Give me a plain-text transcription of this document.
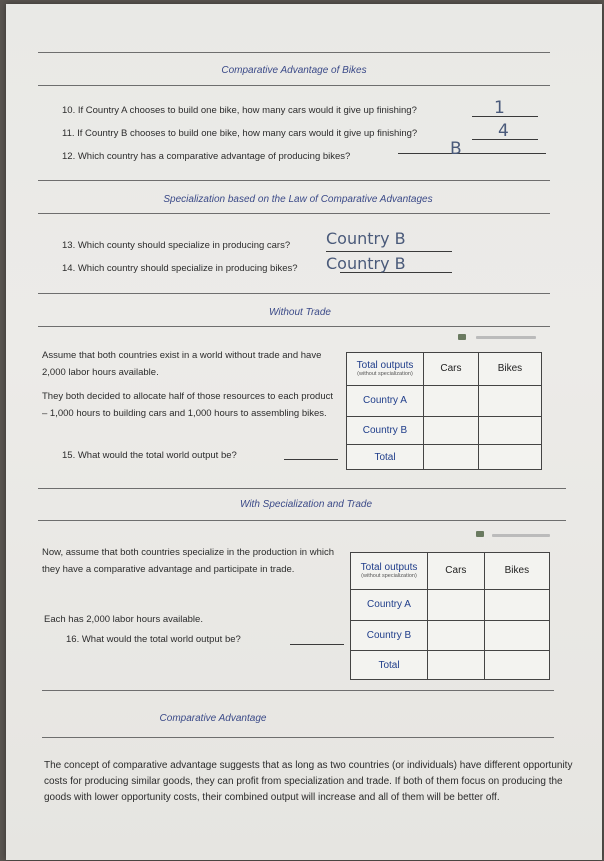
Comparative Advantage of Bikes
10. If Country A chooses to build one bike, how many cars would it give up finishing?	1
11. If Country B chooses to build one bike, how many cars would it give up finishing?	4
12. Which country has a comparative advantage of producing bikes?	B
Specialization based on the Law of Comparative Advantages
13. Which county should specialize in producing cars? Country B
14. Which country should specialize in producing bikes? Country B
Without Trade
Assume that both countries exist in a world without trade and have 2,000 labor hours available.
They both decided to allocate half of those resources to each product – 1,000 hours to building cars and 1,000 hours to assembling bikes.
15. What would the total world output be?
Total outputs
(without specialization)	Cars	Bikes
Country A		
Country B		
Total		
With Specialization and Trade
Now, assume that both countries specialize in the production in which they have a comparative advantage and participate in trade.
Each has 2,000 labor hours available.
16. What would the total world output be?
Total outputs
(without specialization)	Cars	Bikes
Country A		
Country B		
Total		
Comparative Advantage
The concept of comparative advantage suggests that as long as two countries (or individuals) have different opportunity costs for producing similar goods, they can profit from specialization and trade. If both of them focus on producing the goods with lower opportunity costs, their combined output will increase and all of them will be better off.
